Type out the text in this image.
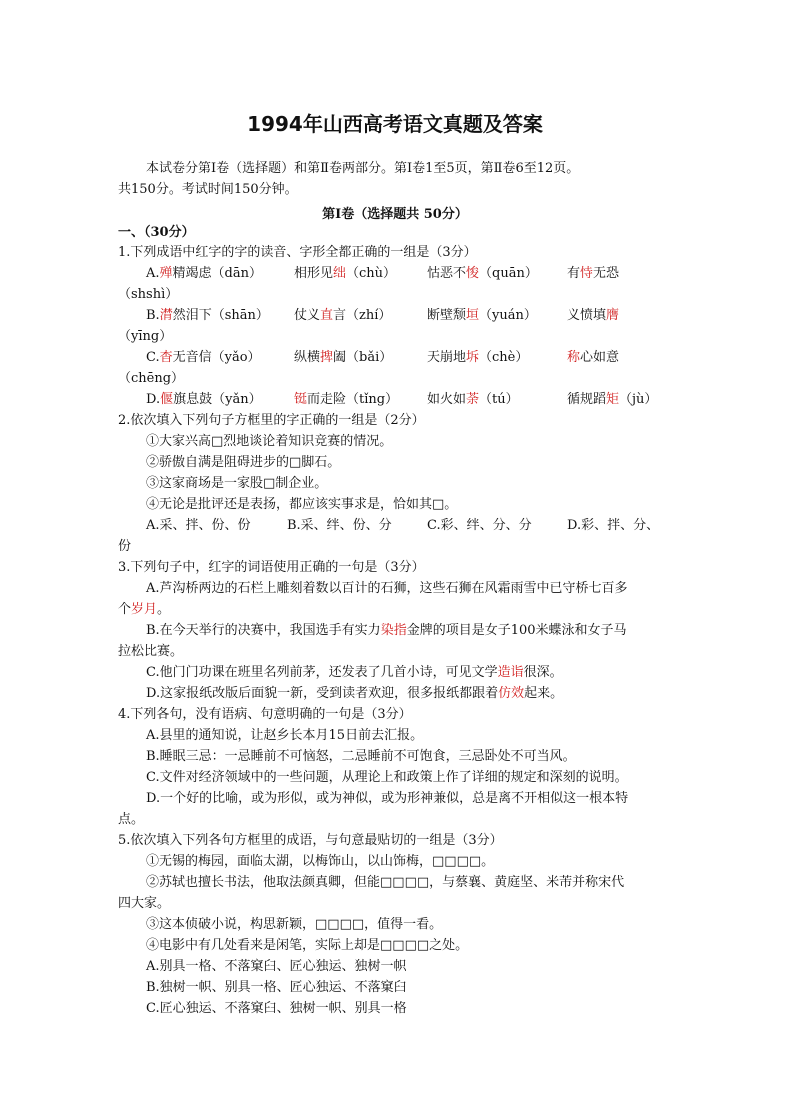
1994年山西高考语文真题及答案
本试卷分第Ⅰ卷（选择题）和第Ⅱ卷两部分。第Ⅰ卷1至5页，第Ⅱ卷6至12页。
共150分。考试时间150分钟。
第Ⅰ卷（选择题共 50分）
一、（30分）
1.下列成语中红字的字的读音、字形全都正确的一组是（3分）
A.殚精竭虑（dān） 相形见绌（chù） 怙恶不悛（quān） 有恃无恐
（shshì）
B.潸然泪下（shān） 仗义直言（zhí）	断壁颓垣（yuán） 义愤填膺
（yīng）
C.杳无音信（yǎo）	纵横捭阖（bǎi）	天崩地坼（chè）	称心如意
（chēng）
D.偃旗息鼓（yǎn） 铤而走险（tǐng） 如火如荼（tú）	循规蹈矩（jù）
2.依次填入下列句子方框里的字正确的一组是（2分）
①大家兴高□烈地谈论着知识竞赛的情况。
②骄傲自满是阻碍进步的□脚石。
③这家商场是一家股□制企业。
④无论是批评还是表扬，都应该实事求是，恰如其□。
A.采、拌、份、份	B.采、绊、份、分	C.彩、绊、分、分	D.彩、拌、分、
份
3.下列句子中，红字的词语使用正确的一句是（3分）
A.芦沟桥两边的石栏上雕刻着数以百计的石狮，这些石狮在风霜雨雪中已守桥七百多
个岁月。
B.在今天举行的决赛中，我国选手有实力染指金牌的项目是女子100米蝶泳和女子马
拉松比赛。
C.他门门功课在班里名列前茅，还发表了几首小诗，可见文学造诣很深。
D.这家报纸改版后面貌一新，受到读者欢迎，很多报纸都跟着仿效起来。
4.下列各句，没有语病、句意明确的一句是（3分）
A.县里的通知说，让赵乡长本月15日前去汇报。
B.睡眠三忌：一忌睡前不可恼怒，二忌睡前不可饱食，三忌卧处不可当风。
C.文件对经济领域中的一些问题，从理论上和政策上作了详细的规定和深刻的说明。
D.一个好的比喻，或为形似，或为神似，或为形神兼似，总是离不开相似这一根本特
点。
5.依次填入下列各句方框里的成语，与句意最贴切的一组是（3分）
①无锡的梅园，面临太湖，以梅饰山，以山饰梅，□□□□。
②苏轼也擅长书法，他取法颜真卿，但能□□□□，与蔡襄、黄庭坚、米芾并称宋代
四大家。
③这本侦破小说，构思新颖，□□□□，值得一看。
④电影中有几处看来是闲笔，实际上却是□□□□之处。
A.别具一格、不落窠臼、匠心独运、独树一帜
B.独树一帜、别具一格、匠心独运、不落窠臼
C.匠心独运、不落窠臼、独树一帜、别具一格
